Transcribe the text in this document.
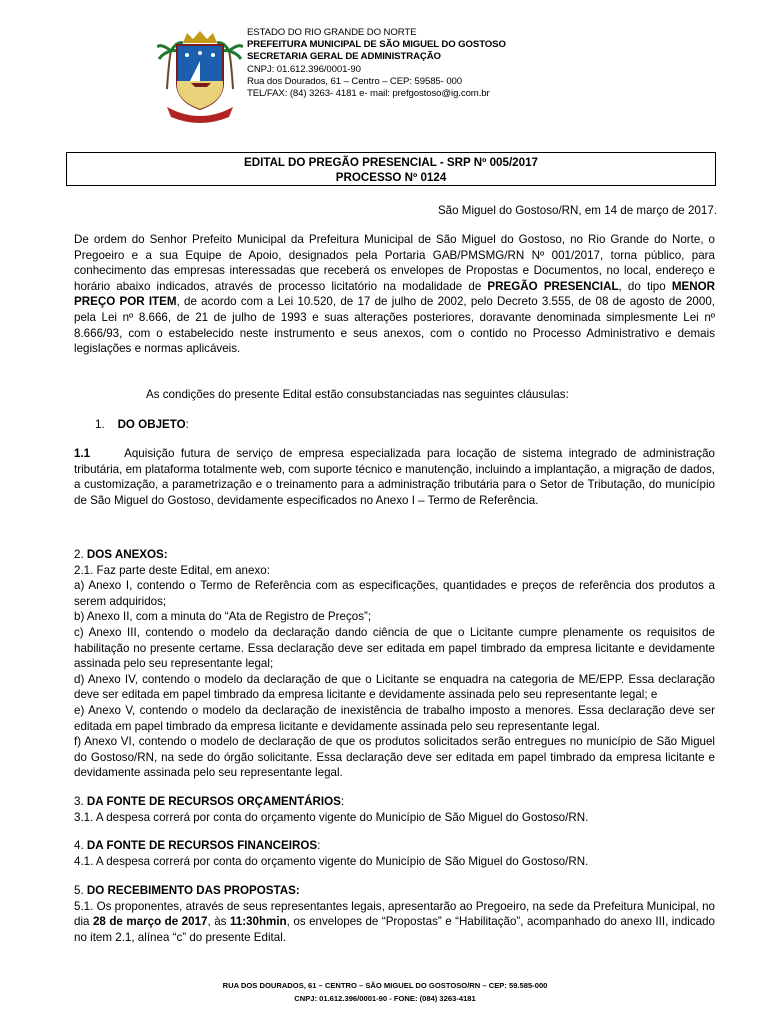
ESTADO DO RIO GRANDE DO NORTE
PREFEITURA MUNICIPAL DE SÃO MIGUEL DO GOSTOSO
SECRETARIA GERAL DE ADMINISTRAÇÃO
CNPJ: 01.612.396/0001-90
Rua dos Dourados, 61 – Centro – CEP: 59585- 000
TEL/FAX: (84) 3263- 4181 e- mail: prefgostoso@ig.com.br
EDITAL DO PREGÃO PRESENCIAL - SRP Nº 005/2017
PROCESSO Nº 0124
São Miguel do Gostoso/RN, em 14 de março de 2017.
De ordem do Senhor Prefeito Municipal da Prefeitura Municipal de São Miguel do Gostoso, no Rio Grande do Norte, o Pregoeiro e a sua Equipe de Apoio, designados pela Portaria GAB/PMSMG/RN Nº 001/2017, torna público, para conhecimento das empresas interessadas que receberá os envelopes de Propostas e Documentos, no local, endereço e horário abaixo indicados, através de processo licitatório na modalidade de PREGÃO PRESENCIAL, do tipo MENOR PREÇO POR ITEM, de acordo com a Lei 10.520, de 17 de julho de 2002, pelo Decreto 3.555, de 08 de agosto de 2000, pela Lei nº 8.666, de 21 de julho de 1993 e suas alterações posteriores, doravante denominada simplesmente Lei nº 8.666/93, com o estabelecido neste instrumento e seus anexos, com o contido no Processo Administrativo e demais legislações e normas aplicáveis.
As condições do presente Edital estão consubstanciadas nas seguintes cláusulas:
1. DO OBJETO:
1.1	Aquisição futura de serviço de empresa especializada para locação de sistema integrado de administração tributária, em plataforma totalmente web, com suporte técnico e manutenção, incluindo a implantação, a migração de dados, a customização, a parametrização e o treinamento para a administração tributária para o Setor de Tributação, do município de São Miguel do Gostoso, devidamente especificados no Anexo I – Termo de Referência.
2. DOS ANEXOS:
2.1. Faz parte deste Edital, em anexo:
a) Anexo I, contendo o Termo de Referência com as especificações, quantidades e preços de referência dos produtos a serem adquiridos;
b) Anexo II, com a minuta do “Ata de Registro de Preços”;
c) Anexo III, contendo o modelo da declaração dando ciência de que o Licitante cumpre plenamente os requisitos de habilitação no presente certame. Essa declaração deve ser editada em papel timbrado da empresa licitante e devidamente assinada pelo seu representante legal;
d) Anexo IV, contendo o modelo da declaração de que o Licitante se enquadra na categoria de ME/EPP. Essa declaração deve ser editada em papel timbrado da empresa licitante e devidamente assinada pelo seu representante legal; e
e) Anexo V, contendo o modelo da declaração de inexistência de trabalho imposto a menores. Essa declaração deve ser editada em papel timbrado da empresa licitante e devidamente assinada pelo seu representante legal.
f) Anexo VI, contendo o modelo de declaração de que os produtos solicitados serão entregues no município de São Miguel do Gostoso/RN, na sede do órgão solicitante. Essa declaração deve ser editada em papel timbrado da empresa licitante e devidamente assinada pelo seu representante legal.
3. DA FONTE DE RECURSOS ORÇAMENTÁRIOS:
3.1. A despesa correrá por conta do orçamento vigente do Município de São Miguel do Gostoso/RN.
4. DA FONTE DE RECURSOS FINANCEIROS:
4.1. A despesa correrá por conta do orçamento vigente do Município de São Miguel do Gostoso/RN.
5. DO RECEBIMENTO DAS PROPOSTAS:
5.1. Os proponentes, através de seus representantes legais, apresentarão ao Pregoeiro, na sede da Prefeitura Municipal, no dia 28 de março de 2017, às 11:30hmin, os envelopes de “Propostas” e “Habilitação”, acompanhado do anexo III, indicado no item 2.1, alínea “c” do presente Edital.
RUA DOS DOURADOS, 61 – CENTRO – SÃO MIGUEL DO GOSTOSO/RN – CEP: 59.585-000
CNPJ: 01.612.396/0001-90 - FONE: (084) 3263-4181
